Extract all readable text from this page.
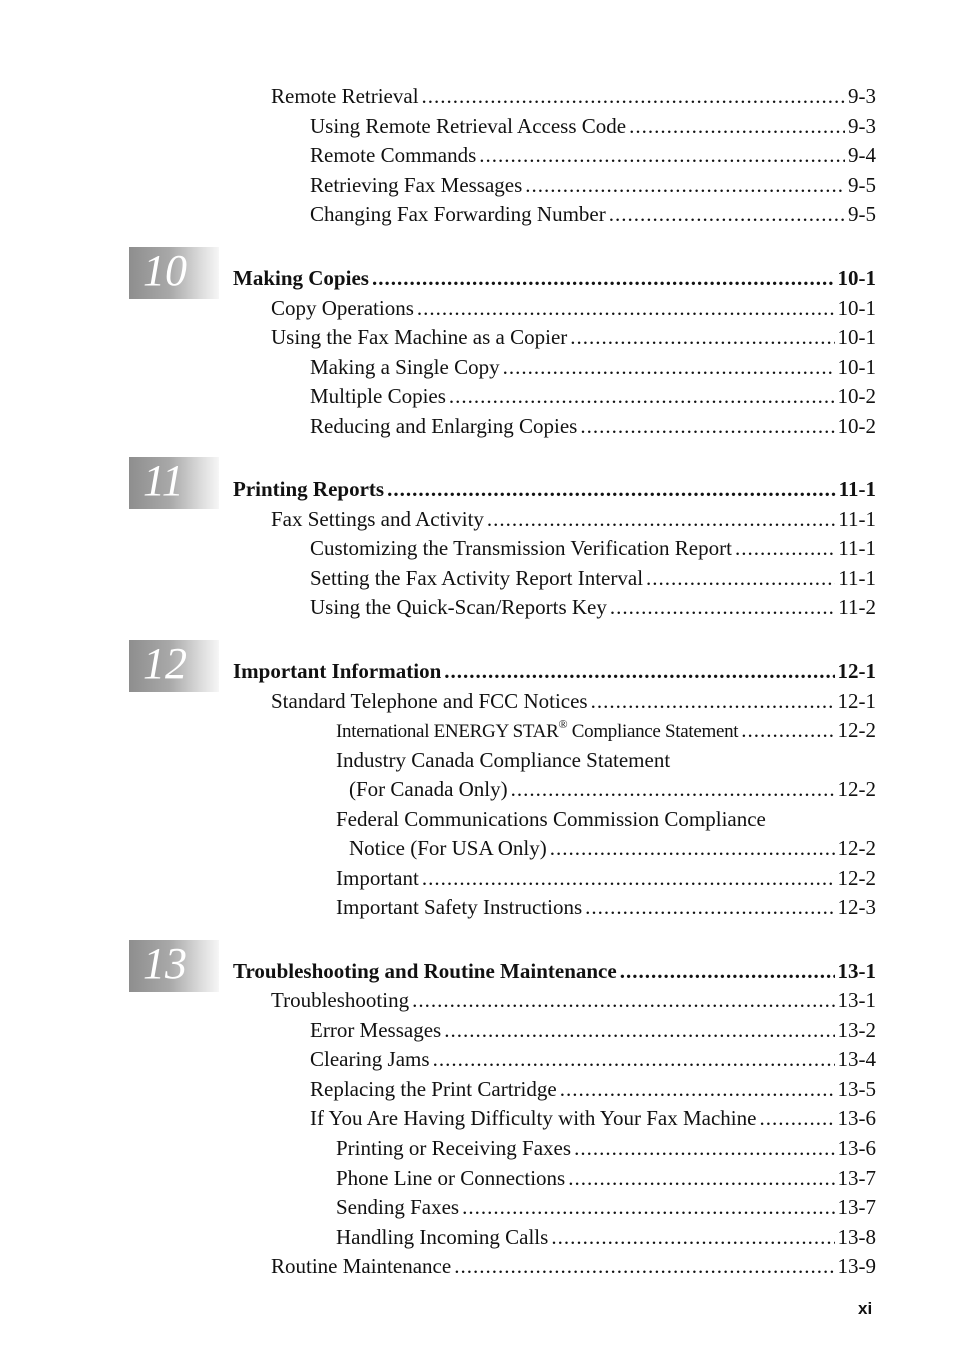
10
11
12
13
Remote Retrieval .....	9-3
Using Remote Retrieval Access Code .....	9-3
Remote Commands .....	9-4
Retrieving Fax Messages .....	9-5
Changing Fax Forwarding Number .....	9-5
Making Copies .....	10-1
Copy Operations .....	10-1
Using the Fax Machine as a Copier .....	10-1
Making a Single Copy .....	10-1
Multiple Copies .....	10-2
Reducing and Enlarging Copies .....	10-2
Printing Reports .....	11-1
Fax Settings and Activity .....	11-1
Customizing the Transmission Verification Report .....	11-1
Setting the Fax Activity Report Interval .....	11-1
Using the Quick-Scan/Reports Key .....	11-2
Important Information .....	12-1
Standard Telephone and FCC Notices .....	12-1
International ENERGY STAR® Compliance Statement .....	12-2
Industry Canada Compliance Statement
(For Canada Only) .....	12-2
Federal Communications Commission Compliance
Notice (For USA Only) .....	12-2
Important .....	12-2
Important Safety Instructions .....	12-3
Troubleshooting and Routine Maintenance .....	13-1
Troubleshooting .....	13-1
Error Messages .....	13-2
Clearing Jams .....	13-4
Replacing the Print Cartridge .....	13-5
If You Are Having Difficulty with Your Fax Machine .....	13-6
Printing or Receiving Faxes .....	13-6
Phone Line or Connections .....	13-7
Sending Faxes .....	13-7
Handling Incoming Calls .....	13-8
Routine Maintenance .....	13-9
xi
